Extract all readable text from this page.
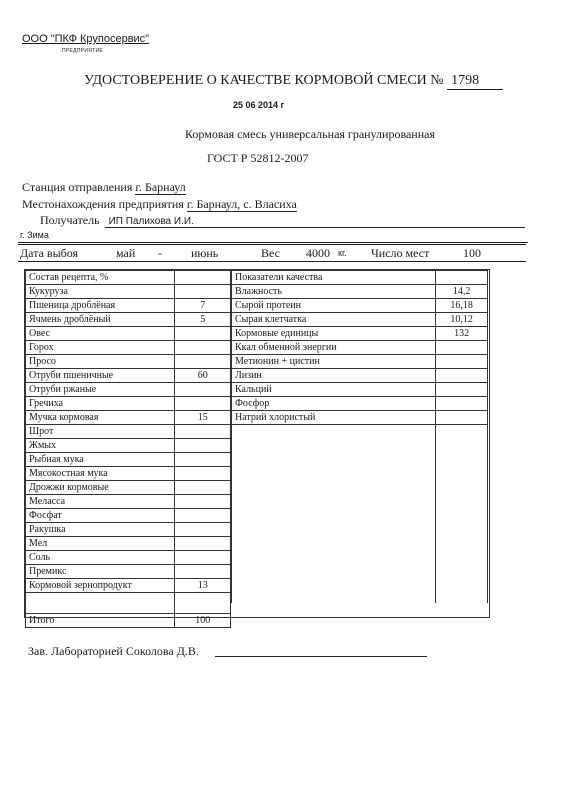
ООО "ПКФ Крупосервис"
ПРЕДПРИЯТИЕ
УДОСТОВЕРЕНИЕ О КАЧЕСТВЕ КОРМОВОЙ СМЕСИ № 1798
25 06 2014 г
Кормовая смесь универсальная гранулированная
ГОСТ Р 52812-2007
Станция отправления г. Барнаул
Местонахождения предприятия г. Барнаул, с. Власиха
Получатель ИП Палихова И.И.
г. Зима
Дата выбоя	май - июнь	Вес 4000 кг. Число мест	100
Состав рецепта, %	
Кукуруза	
Пшеница дроблёная	7
Ячмень дроблёный	5
Овес	
Горох	
Просо	
Отруби пшеничные	60
Отруби ржаные	
Гречиха	
Мучка кормовая	15
Шрот	
Жмых	
Рыбная мука	
Мясокостная мука	
Дрожжи кормовые	
Меласса	
Фосфат	
Ракушка	
Мел	
Соль	
Премикс	
Кормовой зернопродукт	13

Итого	100
Показатели качества	
Влажность	14,2
Сырой протеин	16,18
Сырая клетчатка	10,12
Кормовые единицы	132
Ккал обменной энергии	
Метионин + цистин	
Лизин	
Кальций	
Фосфор	
Натрий хлористый	

Зав. Лабораторией Соколова Д.В.
